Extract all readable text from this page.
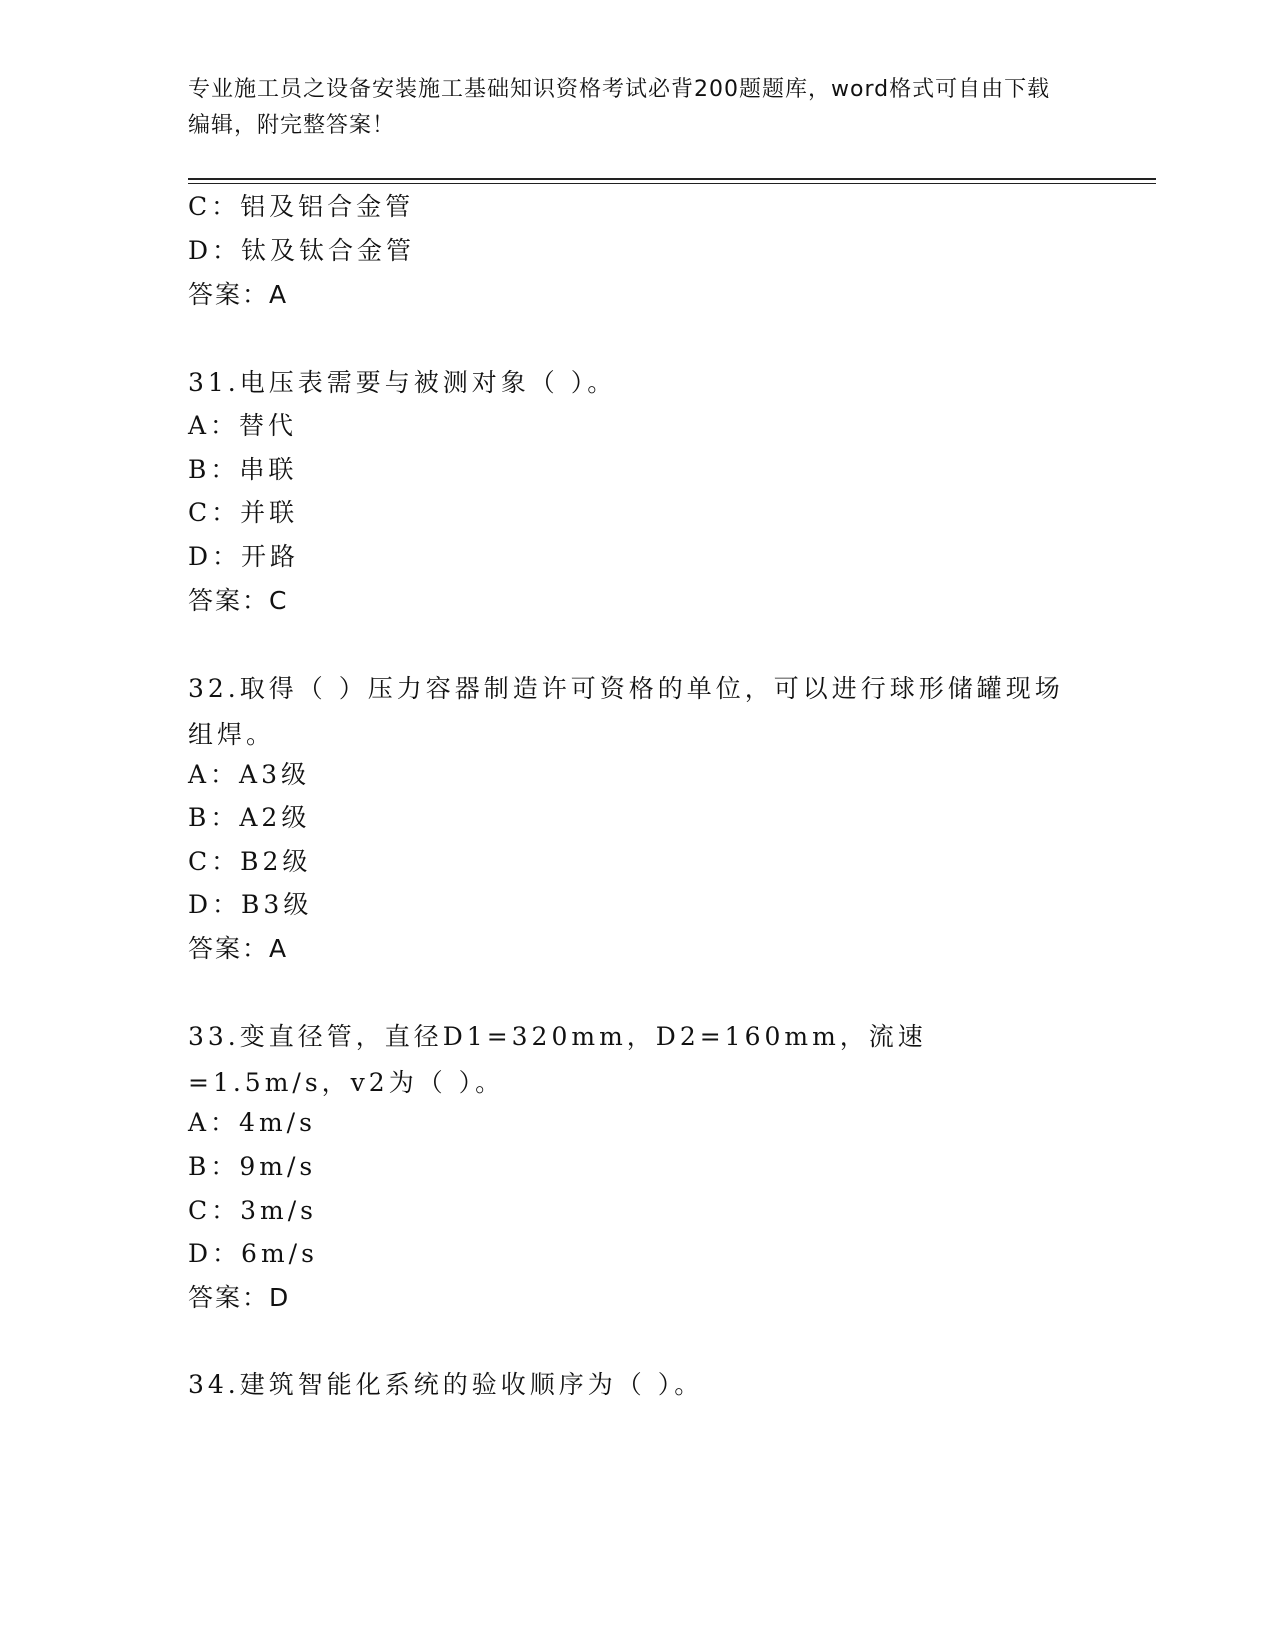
专业施工员之设备安装施工基础知识资格考试必背200题题库，word格式可自由下载编辑，附完整答案！
C：铝及铝合金管
D：钛及钛合金管
答案：A
31.电压表需要与被测对象（ ）。
A：替代
B：串联
C：并联
D：开路
答案：C
32.取得（ ）压力容器制造许可资格的单位，可以进行球形储罐现场组焊。
A：A3级
B：A2级
C：B2级
D：B3级
答案：A
33.变直径管，直径D1=320mm，D2=160mm，流速=1.5m/s，v2为（ ）。
A：4m/s
B：9m/s
C：3m/s
D：6m/s
答案：D
34.建筑智能化系统的验收顺序为（ ）。
